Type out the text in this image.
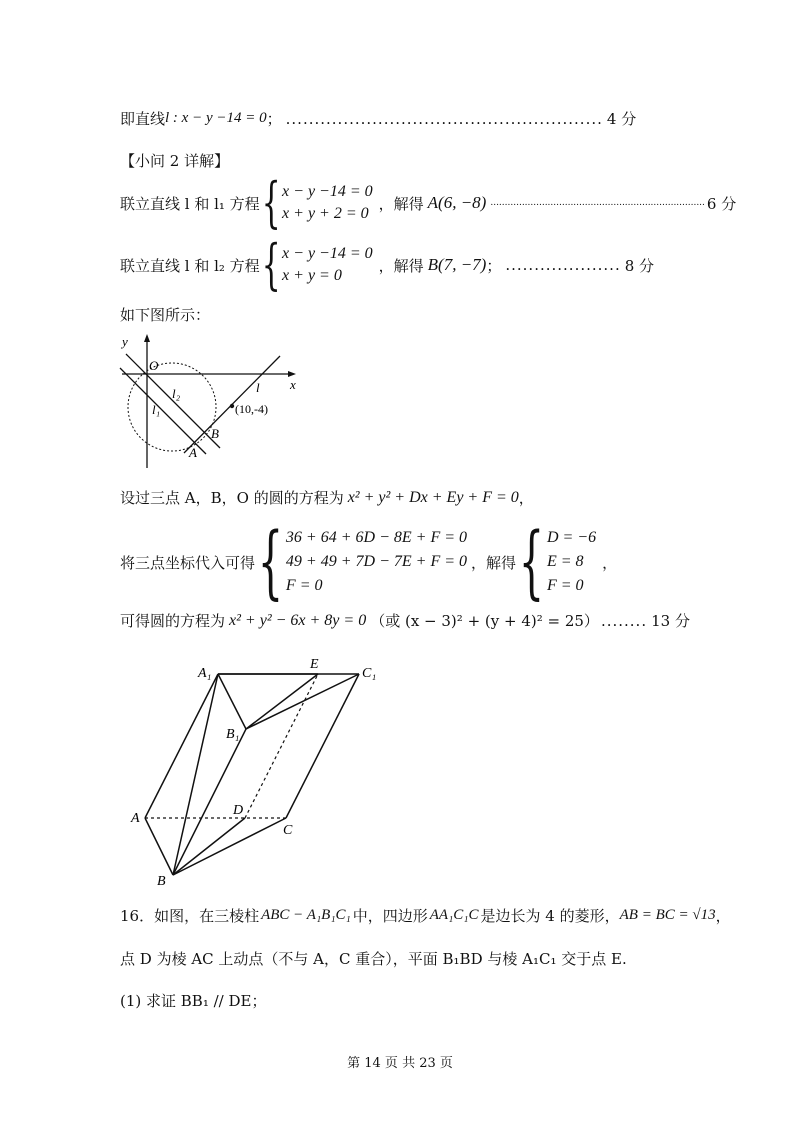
即直线 l : x − y −14 = 0 ； ....................................................... 4 分
【小问 2 详解】
联立直线 l 和 l₁ 方程 { x − y −14 = 0
x + y + 2 = 0
，解得 A(6, −8) ........................................................................... 6 分
联立直线 l 和 l₂ 方程 { x − y −14 = 0
x + y = 0
，解得 B(7, −7) ； .................... 8 分
如下图所示：
y
x
O
l₂
l₁
l
(10,-4)
A
B
设过三点 A，B，O 的圆的方程为 x² + y² + Dx + Ey + F = 0 ，
将三点坐标代入可得 { 36 + 64 + 6D − 8E + F = 0
49 + 49 + 7D − 7E + F = 0
F = 0
，解得 { D = −6
E = 8
F = 0
，
可得圆的方程为 x² + y² − 6x + 8y = 0 （或 (x − 3)² + (y + 4)² = 25） ........ 13 分
A₁
E
C₁
B₁
D
A
C
B
16．如图，在三棱柱 ABC − A₁B₁C₁ 中，四边形 AA₁C₁C 是边长为 4 的菱形， AB = BC = √13 ，
点 D 为棱 AC 上动点（不与 A，C 重合），平面 B₁BD 与棱 A₁C₁ 交于点 E.
(1) 求证 BB₁ // DE；
第 14 页 共 23 页
